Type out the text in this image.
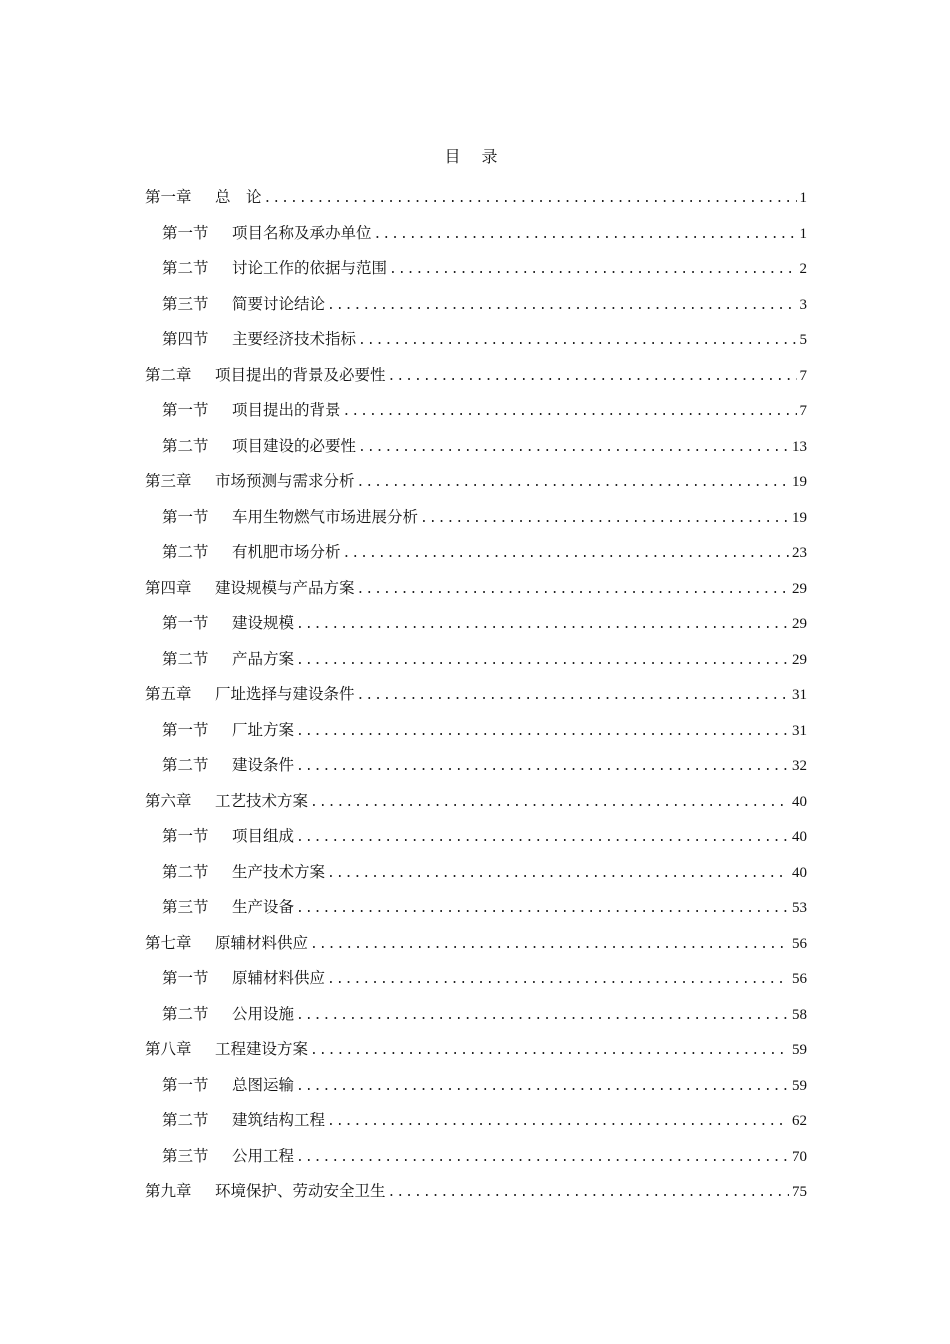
目 录
第一章	总　论 .....	1
第一节	项目名称及承办单位 .....	1
第二节	讨论工作的依据与范围 .....	2
第三节	简要讨论结论 .....	3
第四节	主要经济技术指标 .....	5
第二章	项目提出的背景及必要性 .....	7
第一节	项目提出的背景 .....	7
第二节	项目建设的必要性 .....	13
第三章	市场预测与需求分析 .....	19
第一节	车用生物燃气市场进展分析 .....	19
第二节	有机肥市场分析 .....	23
第四章	建设规模与产品方案 .....	29
第一节	建设规模 .....	29
第二节	产品方案 .....	29
第五章	厂址选择与建设条件 .....	31
第一节	厂址方案 .....	31
第二节	建设条件 .....	32
第六章	工艺技术方案 .....	40
第一节	项目组成 .....	40
第二节	生产技术方案 .....	40
第三节	生产设备 .....	53
第七章	原辅材料供应 .....	56
第一节	原辅材料供应 .....	56
第二节	公用设施 .....	58
第八章	工程建设方案 .....	59
第一节	总图运输 .....	59
第二节	建筑结构工程 .....	62
第三节	公用工程 .....	70
第九章	环境保护、劳动安全卫生 .....	75
